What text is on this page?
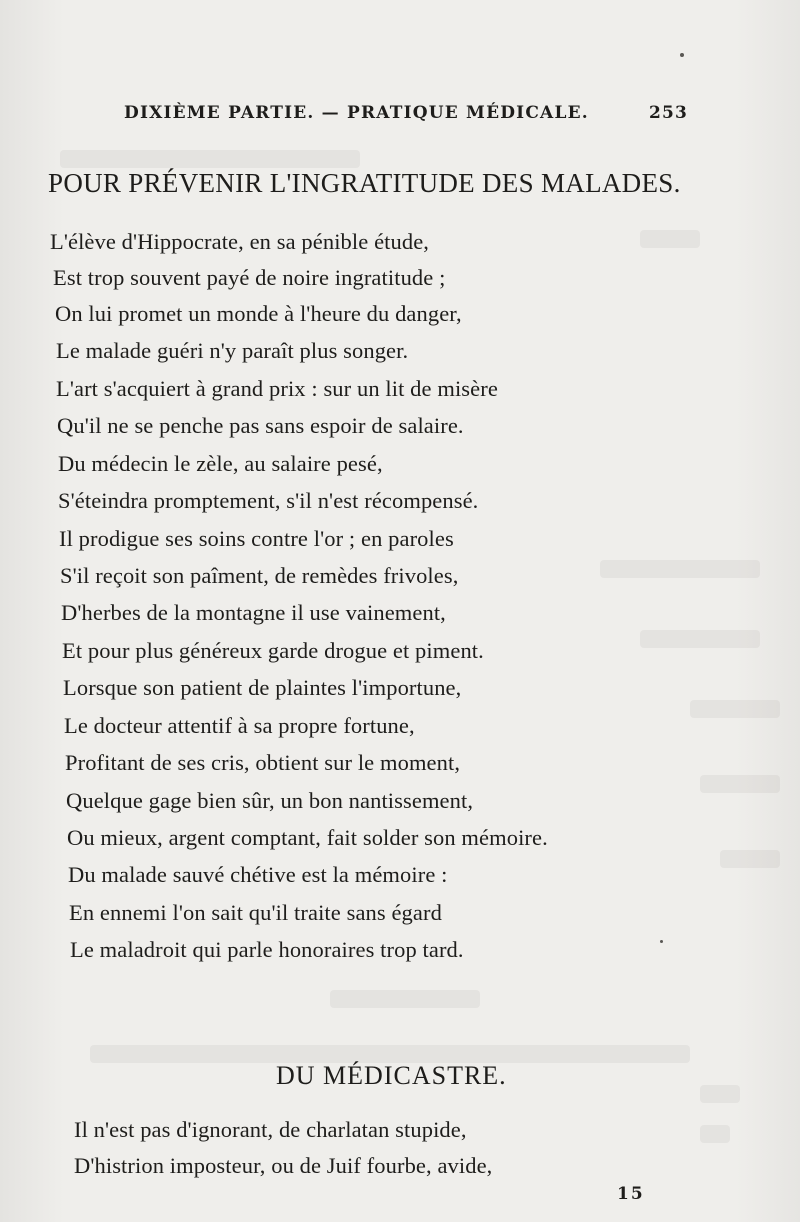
DIXIÈME PARTIE. — PRATIQUE MÉDICALE.	253
POUR PRÉVENIR L'INGRATITUDE DES MALADES.
L'élève d'Hippocrate, en sa pénible étude,
Est trop souvent payé de noire ingratitude ;
On lui promet un monde à l'heure du danger,
Le malade guéri n'y paraît plus songer.
L'art s'acquiert à grand prix : sur un lit de misère
Qu'il ne se penche pas sans espoir de salaire.
Du médecin le zèle, au salaire pesé,
S'éteindra promptement, s'il n'est récompensé.
Il prodigue ses soins contre l'or ; en paroles
S'il reçoit son paîment, de remèdes frivoles,
D'herbes de la montagne il use vainement,
Et pour plus généreux garde drogue et piment.
Lorsque son patient de plaintes l'importune,
Le docteur attentif à sa propre fortune,
Profitant de ses cris, obtient sur le moment,
Quelque gage bien sûr, un bon nantissement,
Ou mieux, argent comptant, fait solder son mémoire.
Du malade sauvé chétive est la mémoire :
En ennemi l'on sait qu'il traite sans égard
Le maladroit qui parle honoraires trop tard.
DU MÉDICASTRE.
Il n'est pas d'ignorant, de charlatan stupide,
D'histrion imposteur, ou de Juif fourbe, avide,
15
